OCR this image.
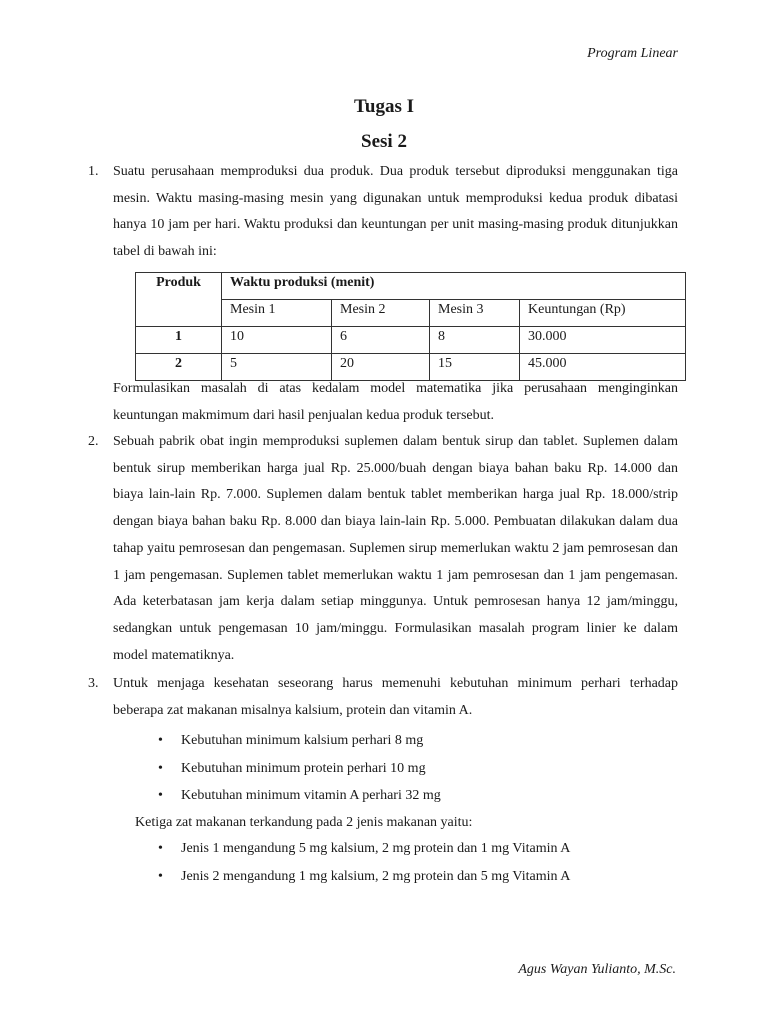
Program Linear
Tugas I
Sesi 2
1. Suatu perusahaan memproduksi dua produk. Dua produk tersebut diproduksi menggunakan tiga mesin. Waktu masing-masing mesin yang digunakan untuk memproduksi kedua produk dibatasi hanya 10 jam per hari. Waktu produksi dan keuntungan per unit masing-masing produk ditunjukkan tabel di bawah ini:
Produk	Waktu produksi (menit)			
	Mesin 1	Mesin 2	Mesin 3	Keuntungan (Rp)
1	10	6	8	30.000
2	5	20	15	45.000
Formulasikan masalah di atas kedalam model matematika jika perusahaan menginginkan keuntungan makmimum dari hasil penjualan kedua produk tersebut.
2. Sebuah pabrik obat ingin memproduksi suplemen dalam bentuk sirup dan tablet. Suplemen dalam bentuk sirup memberikan harga jual Rp. 25.000/buah dengan biaya bahan baku Rp. 14.000 dan biaya lain-lain Rp. 7.000. Suplemen dalam bentuk tablet memberikan harga jual Rp. 18.000/strip dengan biaya bahan baku Rp. 8.000 dan biaya lain-lain Rp. 5.000. Pembuatan dilakukan dalam dua tahap yaitu pemrosesan dan pengemasan. Suplemen sirup memerlukan waktu 2 jam pemrosesan dan 1 jam pengemasan. Suplemen tablet memerlukan waktu 1 jam pemrosesan dan 1 jam pengemasan. Ada keterbatasan jam kerja dalam setiap minggunya. Untuk pemrosesan hanya 12 jam/minggu, sedangkan untuk pengemasan 10 jam/minggu. Formulasikan masalah program linier ke dalam model matematiknya.
3. Untuk menjaga kesehatan seseorang harus memenuhi kebutuhan minimum perhari terhadap beberapa zat makanan misalnya kalsium, protein dan vitamin A.
• Kebutuhan minimum kalsium perhari 8 mg
• Kebutuhan minimum protein perhari 10 mg
• Kebutuhan minimum vitamin A perhari 32 mg
Ketiga zat makanan terkandung pada 2 jenis makanan yaitu:
• Jenis 1 mengandung 5 mg kalsium, 2 mg protein dan 1 mg Vitamin A
• Jenis 2 mengandung 1 mg kalsium, 2 mg protein dan 5 mg Vitamin A
Agus Wayan Yulianto, M.Sc.
